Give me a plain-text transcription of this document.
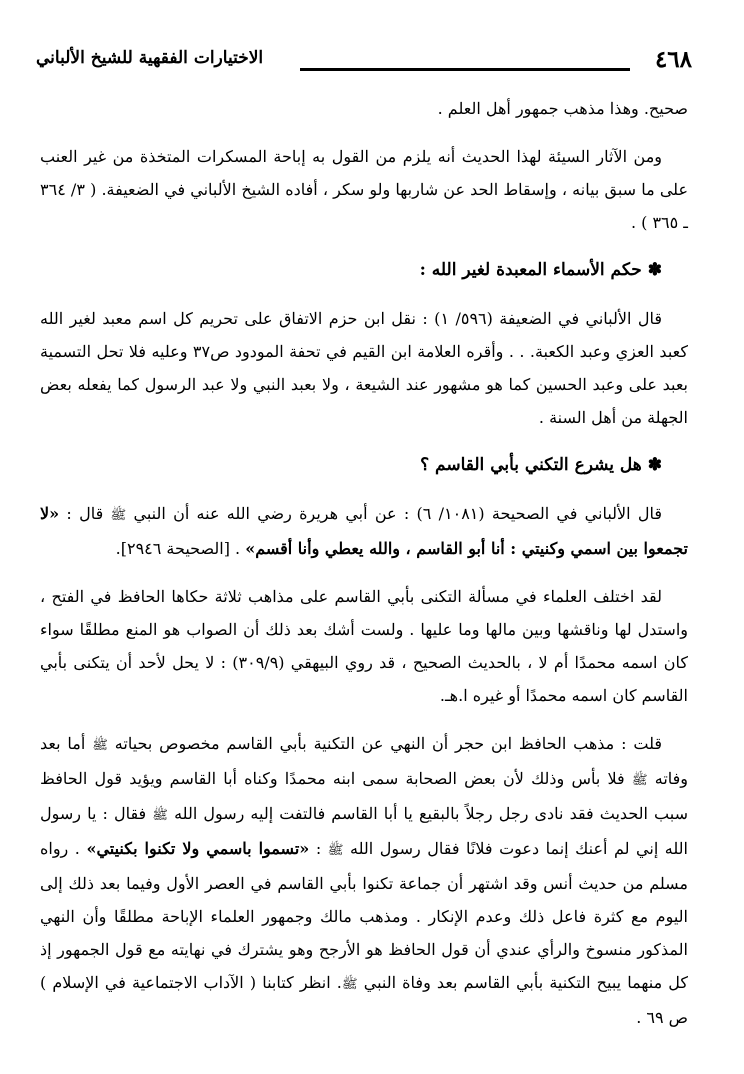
٤٦٨
الاختيارات الفقهية للشيخ الألباني

صحيح. وهذا مذهب جمهور أهل العلم .

ومن الآثار السيئة لهذا الحديث أنه يلزم من القول به إباحة المسكرات المتخذة من غير العنب على ما سبق بيانه ، وإسقاط الحد عن شاربها ولو سكر ، أفاده الشيخ الألباني في الضعيفة. ( ٣/ ٣٦٤ ـ ٣٦٥ ) .

✽حكم الأسماء المعبدة لغير الله :

قال الألباني في الضعيفة (٥٩٦/ ١) : نقل ابن حزم الاتفاق على تحريم كل اسم معبد لغير الله كعبد العزي وعبد الكعبة. . . وأقره العلامة ابن القيم في تحفة المودود ص٣٧ وعليه فلا تحل التسمية بعبد على وعبد الحسين كما هو مشهور عند الشيعة ، ولا بعبد النبي ولا عبد الرسول كما يفعله بعض الجهلة من أهل السنة .

✽هل يشرع التكني بأبي القاسم ؟

قال الألباني في الصحيحة (١٠٨١/ ٦) : عن أبي هريرة رضي الله عنه أن النبي ﷺ قال : «لا تجمعوا بين اسمي وكنيتي : أنا أبو القاسم ، والله يعطي وأنا أقسم» . [الصحيحة ٢٩٤٦].

لقد اختلف العلماء في مسألة التكنى بأبي القاسم على مذاهب ثلاثة حكاها الحافظ في الفتح ، واستدل لها وناقشها وبين مالها وما عليها . ولست أشك بعد ذلك أن الصواب هو المنع مطلقًا سواء كان اسمه محمدًا أم لا ، بالحديث الصحيح ، قد روي البيهقي (٣٠٩/٩) : لا يحل لأحد أن يتكنى بأبي القاسم كان اسمه محمدًا أو غيره ا.هـ.

قلت : مذهب الحافظ ابن حجر أن النهي عن التكنية بأبي القاسم مخصوص بحياته ﷺ أما بعد وفاته ﷺ فلا بأس وذلك لأن بعض الصحابة سمى ابنه محمدًا وكناه أبا القاسم ويؤيد قول الحافظ سبب الحديث فقد نادى رجل رجلاً بالبقيع يا أبا القاسم فالتفت إليه رسول الله ﷺ فقال : يا رسول الله إني لم أعنك إنما دعوت فلانًا فقال رسول الله ﷺ : «تسموا باسمي ولا تكنوا بكنيتي» . رواه مسلم من حديث أنس وقد اشتهر أن جماعة تكنوا بأبي القاسم في العصر الأول وفيما بعد ذلك إلى اليوم مع كثرة فاعل ذلك وعدم الإنكار . ومذهب مالك وجمهور العلماء الإباحة مطلقًا وأن النهي المذكور منسوخ والرأي عندي أن قول الحافظ هو الأرجح وهو يشترك في نهايته مع قول الجمهور إذ كل منهما يبيح التكنية بأبي القاسم بعد وفاة النبي ﷺ. انظر كتابنا ( الآداب الاجتماعية في الإسلام ) ص ٦٩ .
